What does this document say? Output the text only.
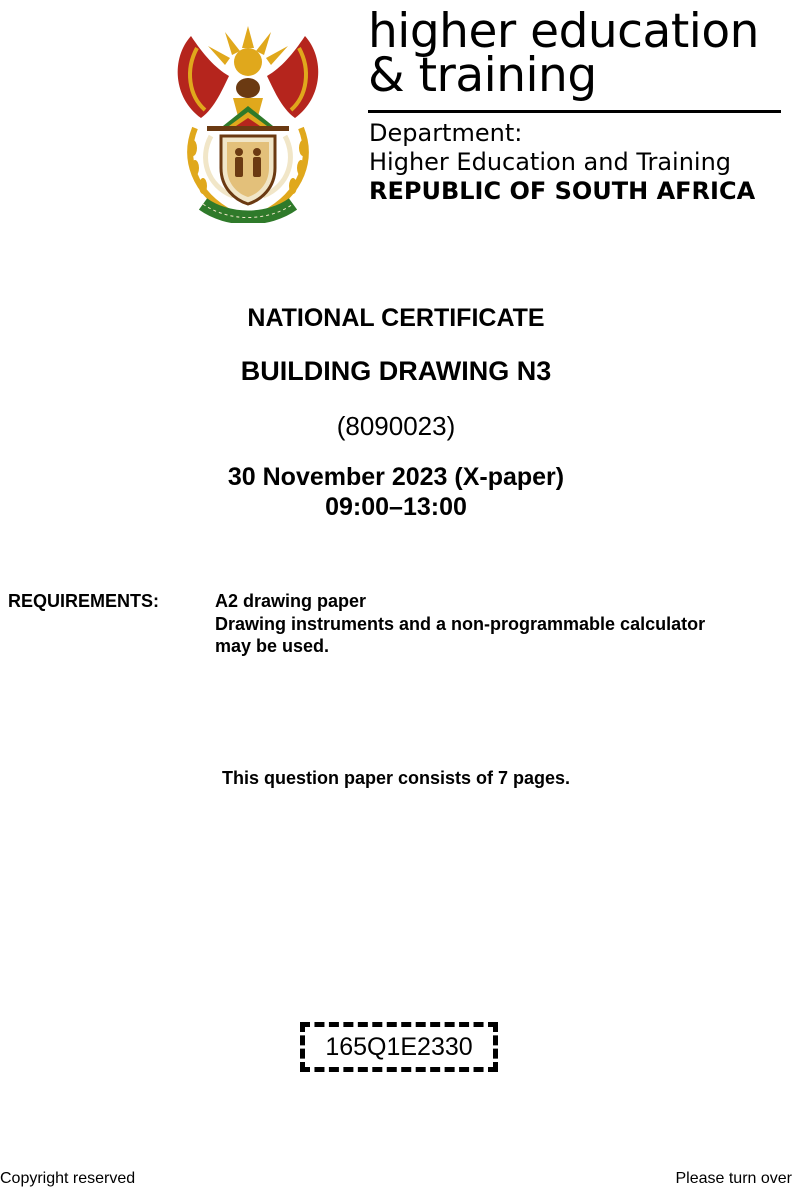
higher education
& training
Department:
Higher Education and Training
REPUBLIC OF SOUTH AFRICA
NATIONAL CERTIFICATE
BUILDING DRAWING N3
(8090023)
30 November 2023 (X-paper)
09:00–13:00
REQUIREMENTS:	A2 drawing paper
Drawing instruments and a non-programmable calculator
may be used.
This question paper consists of 7 pages.
165Q1E2330
Copyright reserved	Please turn over
